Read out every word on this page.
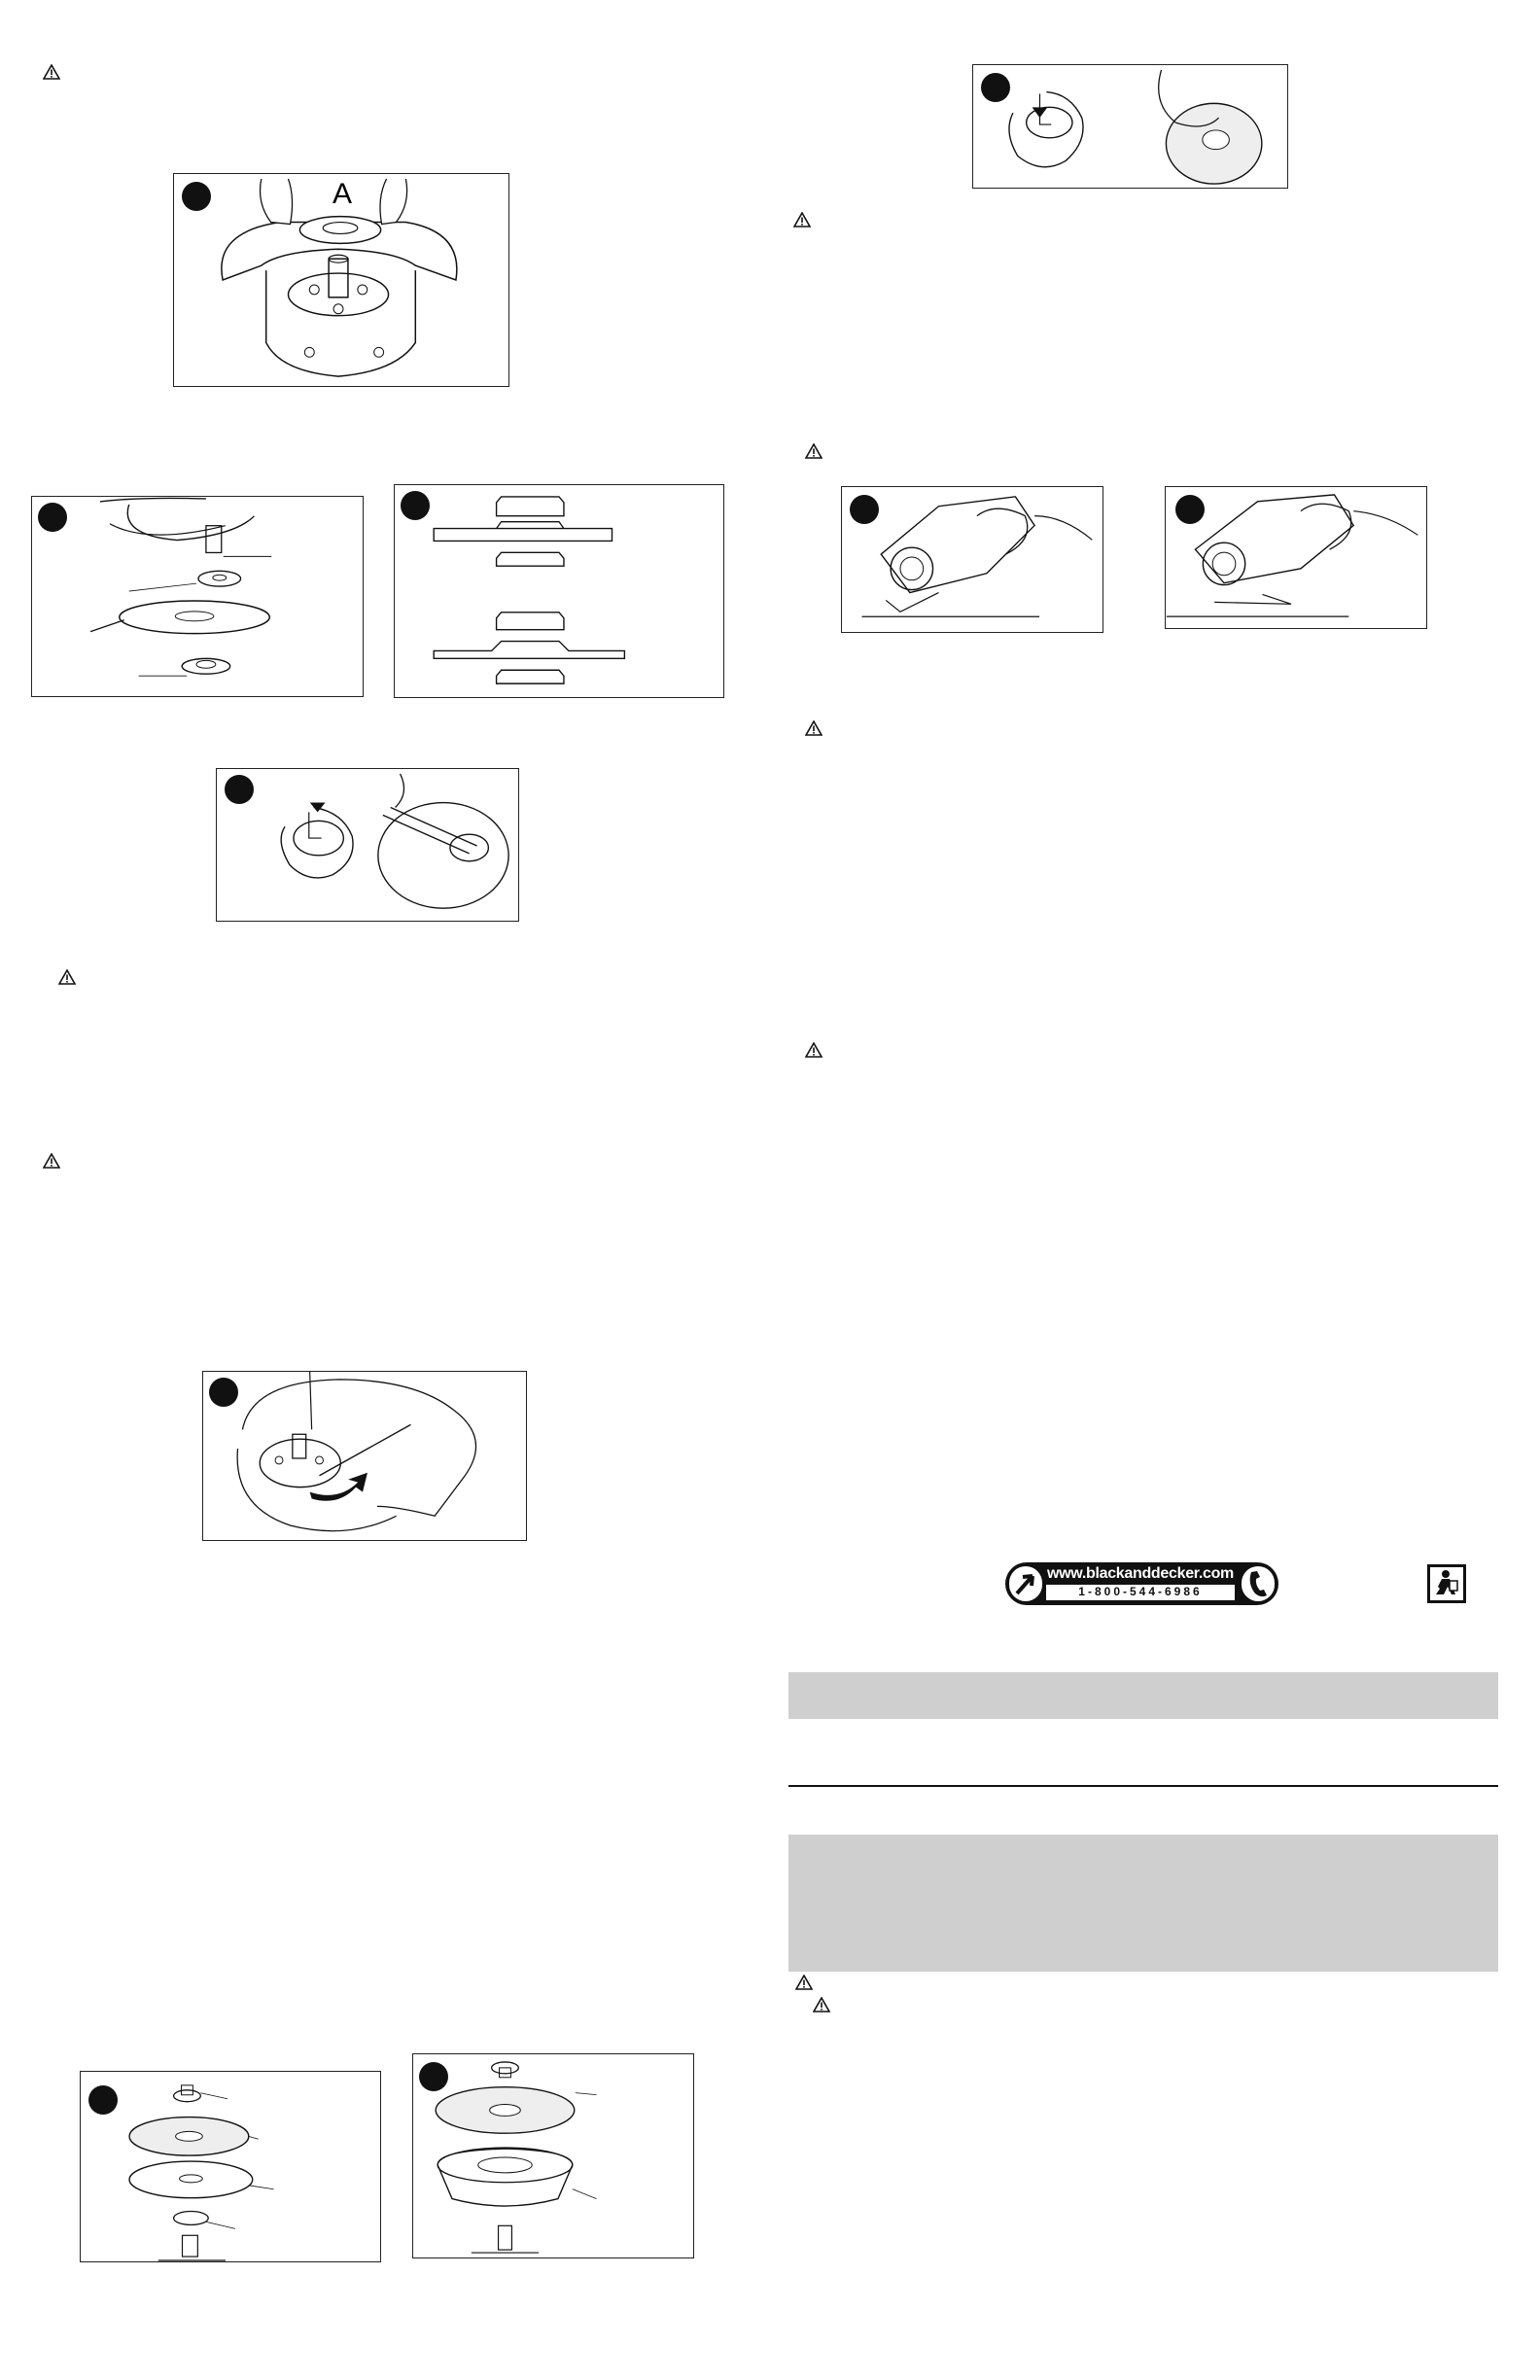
A
www.blackanddecker.com
1-800-544-6986
